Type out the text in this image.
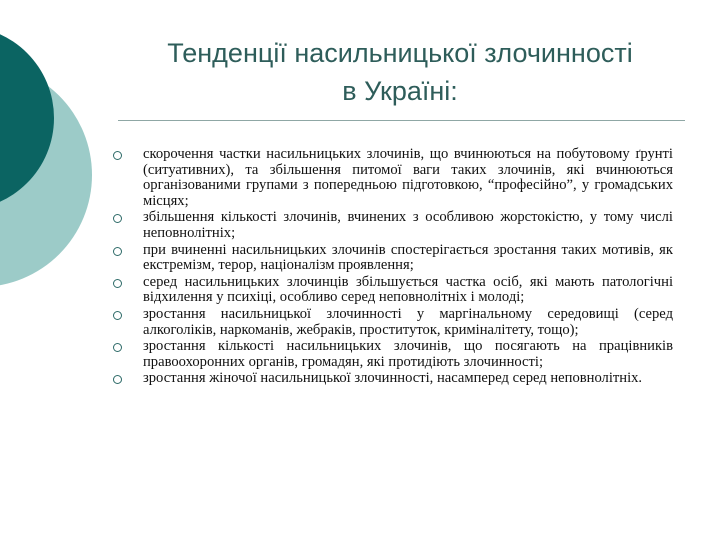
Тенденції насильницької злочинності
в Україні:
скорочення частки насильницьких злочинів, що вчинюються на побутовому ґрунті (ситуативних), та збільшення питомої ваги таких злочинів, які вчинюються організованими групами з попередньою підготовкою, “професійно”, у громадських місцях;
збільшення кількості злочинів, вчинених з особливою жорстокістю, у тому числі неповнолітніх;
при вчиненні насильницьких злочинів спостерігається зростання таких мотивів, як екстремізм, терор, націоналізм проявлення;
серед насильницьких злочинців збільшується частка осіб, які мають патологічні відхилення у психіці, особливо серед неповнолітніх і молоді;
зростання насильницької злочинності у маргінальному середовищі (серед алкоголіків, наркоманів, жебраків, проституток, криміналітету, тощо);
зростання кількості насильницьких злочинів, що посягають на працівників правоохоронних органів, громадян, які протидіють злочинності;
зростання жіночої насильницької злочинності, насамперед серед неповнолітніх.
